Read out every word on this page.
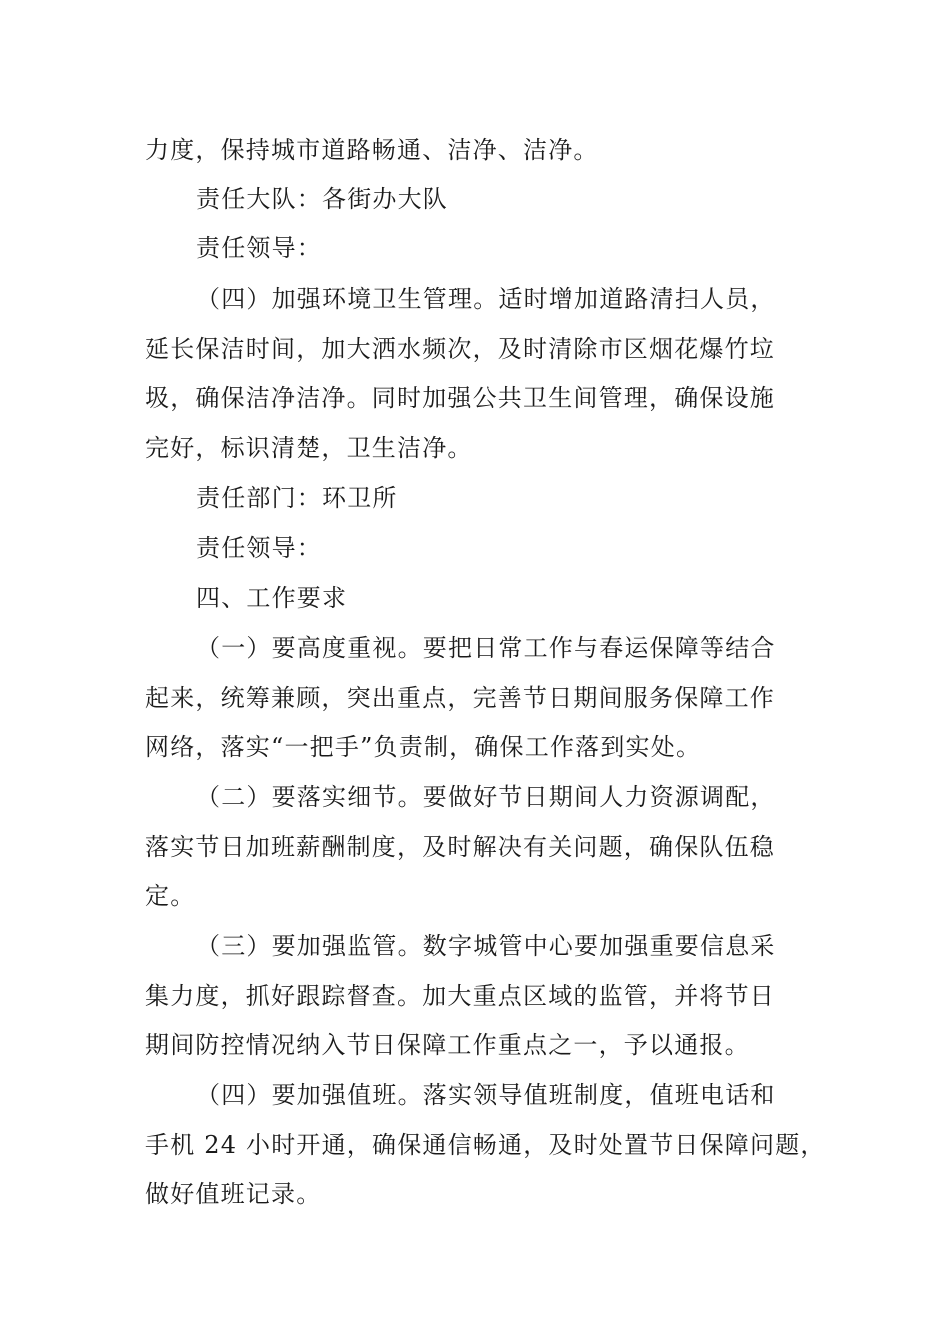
力度，保持城市道路畅通、洁净、洁净。
责任大队：各街办大队
责任领导：
（四）加强环境卫生管理。适时增加道路清扫人员，
延长保洁时间，加大洒水频次，及时清除市区烟花爆竹垃
圾，确保洁净洁净。同时加强公共卫生间管理，确保设施
完好，标识清楚，卫生洁净。
责任部门：环卫所
责任领导：
四、工作要求
（一）要高度重视。要把日常工作与春运保障等结合
起来，统筹兼顾，突出重点，完善节日期间服务保障工作
网络，落实“一把手”负责制，确保工作落到实处。
（二）要落实细节。要做好节日期间人力资源调配，
落实节日加班薪酬制度，及时解决有关问题，确保队伍稳
定。
（三）要加强监管。数字城管中心要加强重要信息采
集力度，抓好跟踪督查。加大重点区域的监管，并将节日
期间防控情况纳入节日保障工作重点之一，予以通报。
（四）要加强值班。落实领导值班制度，值班电话和
手机 24 小时开通，确保通信畅通，及时处置节日保障问题，
做好值班记录。
